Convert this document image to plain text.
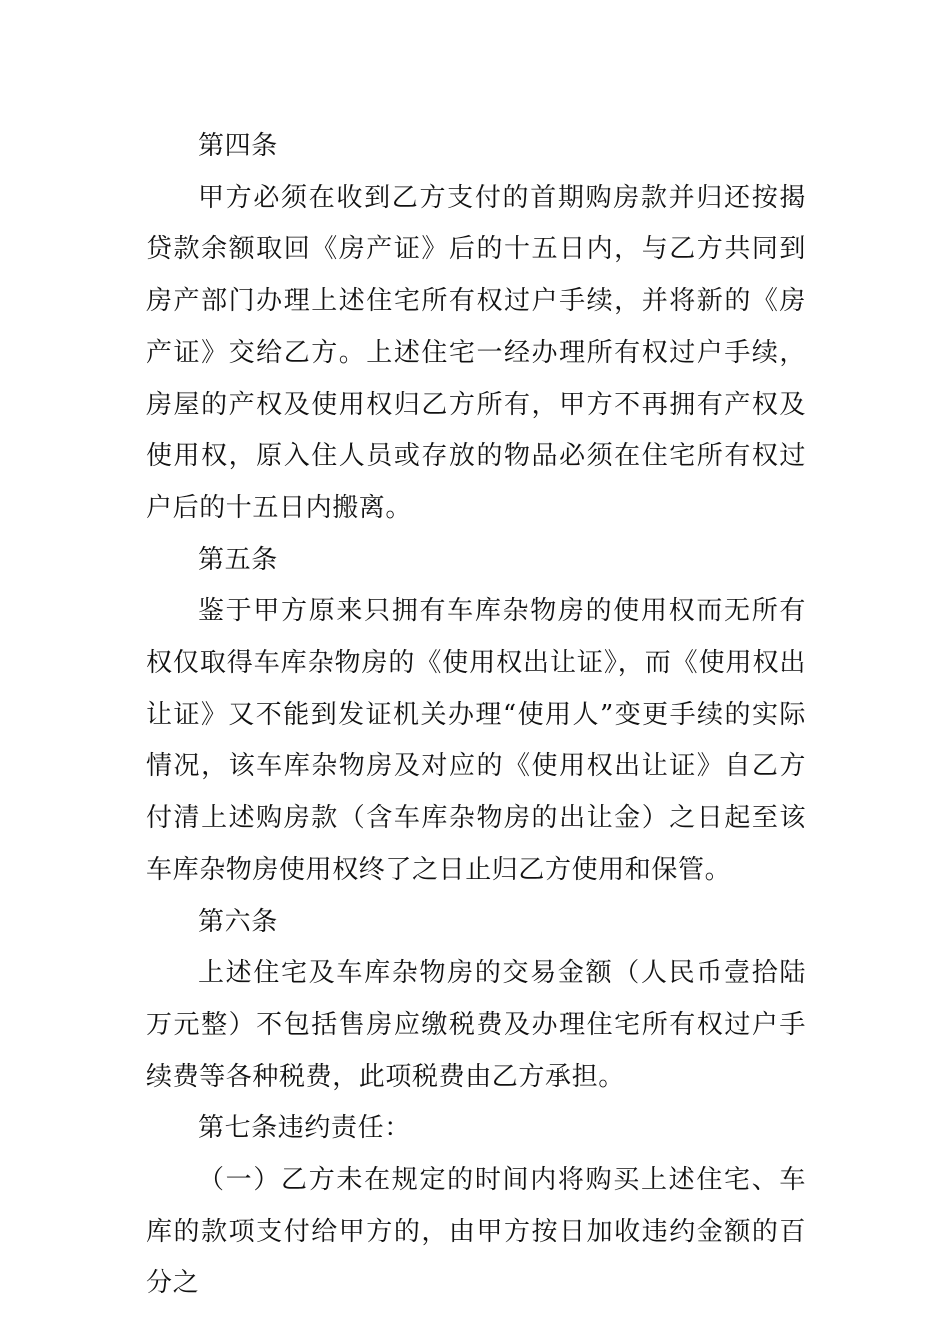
第四条

甲方必须在收到乙方支付的首期购房款并归还按揭贷款余额取回《房产证》后的十五日内，与乙方共同到房产部门办理上述住宅所有权过户手续，并将新的《房产证》交给乙方。上述住宅一经办理所有权过户手续，房屋的产权及使用权归乙方所有，甲方不再拥有产权及使用权，原入住人员或存放的物品必须在住宅所有权过户后的十五日内搬离。

第五条

鉴于甲方原来只拥有车库杂物房的使用权而无所有权仅取得车库杂物房的《使用权出让证》，而《使用权出让证》又不能到发证机关办理“使用人”变更手续的实际情况，该车库杂物房及对应的《使用权出让证》自乙方付清上述购房款（含车库杂物房的出让金）之日起至该车库杂物房使用权终了之日止归乙方使用和保管。

第六条

上述住宅及车库杂物房的交易金额（人民币壹拾陆万元整）不包括售房应缴税费及办理住宅所有权过户手续费等各种税费，此项税费由乙方承担。

第七条违约责任：

（一）乙方未在规定的时间内将购买上述住宅、车库的款项支付给甲方的，由甲方按日加收违约金额的百分之
